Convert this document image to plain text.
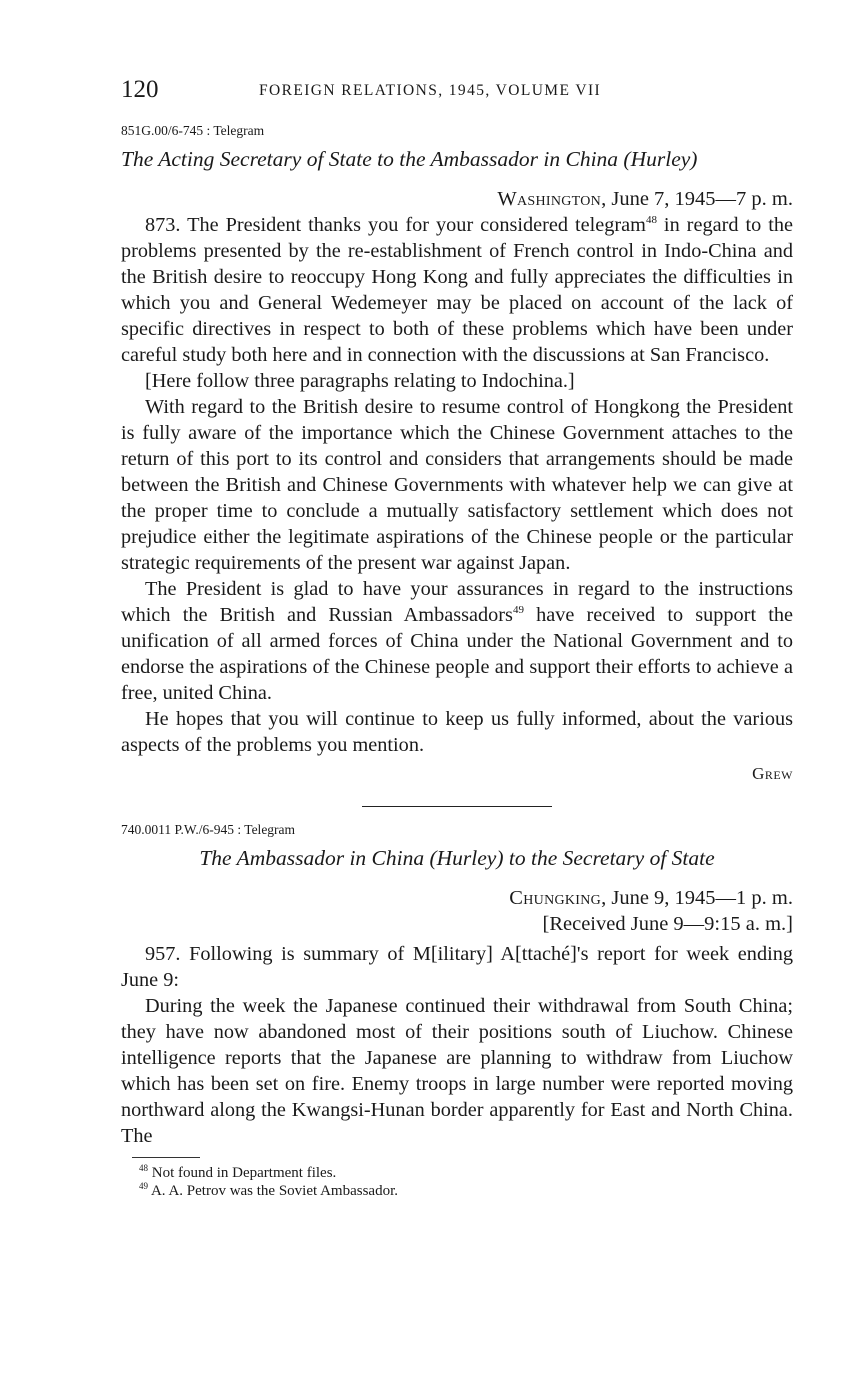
120	FOREIGN RELATIONS, 1945, VOLUME VII
851G.00/6-745 : Telegram
The Acting Secretary of State to the Ambassador in China (Hurley)
Washington, June 7, 1945—7 p. m.

873. The President thanks you for your considered telegram$^{48}$ in regard to the problems presented by the re-establishment of French control in Indo-China and the British desire to reoccupy Hong Kong and fully appreciates the difficulties in which you and General Wedemeyer may be placed on account of the lack of specific directives in respect to both of these problems which have been under careful study both here and in connection with the discussions at San Francisco.

[Here follow three paragraphs relating to Indochina.]

With regard to the British desire to resume control of Hongkong the President is fully aware of the importance which the Chinese Government attaches to the return of this port to its control and considers that arrangements should be made between the British and Chinese Governments with whatever help we can give at the proper time to conclude a mutually satisfactory settlement which does not prejudice either the legitimate aspirations of the Chinese people or the particular strategic requirements of the present war against Japan.

The President is glad to have your assurances in regard to the instructions which the British and Russian Ambassadors$^{49}$ have received to support the unification of all armed forces of China under the National Government and to endorse the aspirations of the Chinese people and support their efforts to achieve a free, united China.

He hopes that you will continue to keep us fully informed, about the various aspects of the problems you mention.

Grew
740.0011 P.W./6-945 : Telegram
The Ambassador in China (Hurley) to the Secretary of State
Chungking, June 9, 1945—1 p. m.
[Received June 9—9:15 a. m.]

957. Following is summary of M[ilitary] A[ttaché]'s report for week ending June 9:

During the week the Japanese continued their withdrawal from South China; they have now abandoned most of their positions south of Liuchow. Chinese intelligence reports that the Japanese are planning to withdraw from Liuchow which has been set on fire. Enemy troops in large number were reported moving northward along the Kwangsi-Hunan border apparently for East and North China. The

$^{48}$ Not found in Department files.
$^{49}$ A. A. Petrov was the Soviet Ambassador.
